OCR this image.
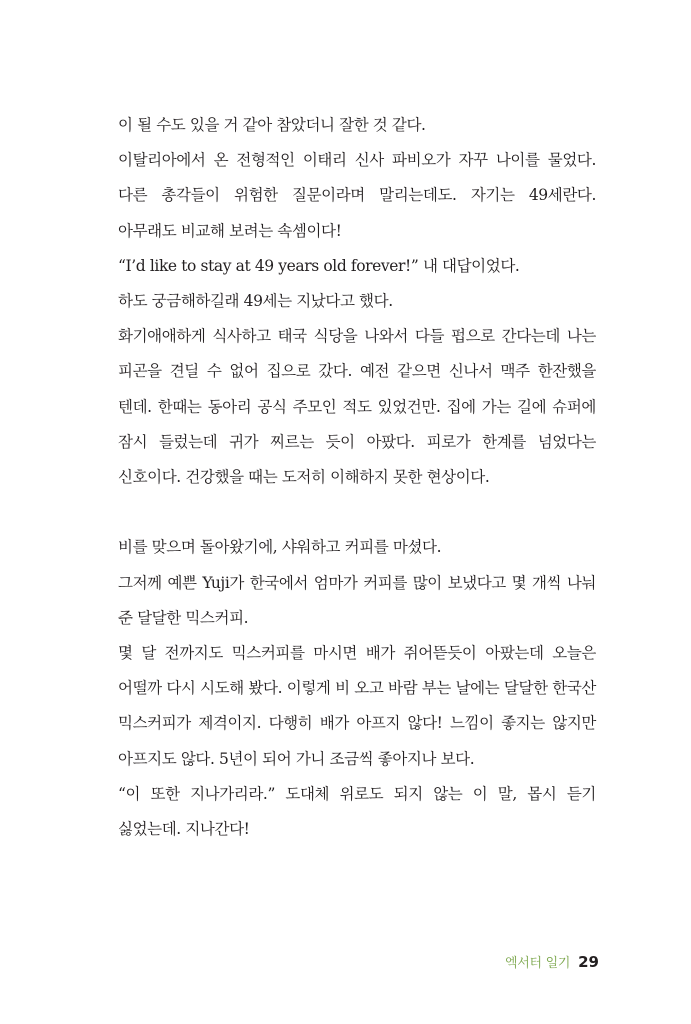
이 될 수도 있을 거 같아 참았더니 잘한 것 같다.

이탈리아에서 온 전형적인 이태리 신사 파비오가 자꾸 나이를 물었다. 다른 총각들이 위험한 질문이라며 말리는데도. 자기는 49세란다. 아무래도 비교해 보려는 속셈이다!

“I’d like to stay at 49 years old forever!” 내 대답이었다.

하도 궁금해하길래 49세는 지났다고 했다.

화기애애하게 식사하고 태국 식당을 나와서 다들 펍으로 간다는데 나는 피곤을 견딜 수 없어 집으로 갔다. 예전 같으면 신나서 맥주 한잔했을 텐데. 한때는 동아리 공식 주모인 적도 있었건만. 집에 가는 길에 슈퍼에 잠시 들렀는데 귀가 찌르는 듯이 아팠다. 피로가 한계를 넘었다는 신호이다. 건강했을 때는 도저히 이해하지 못한 현상이다.

비를 맞으며 돌아왔기에, 샤워하고 커피를 마셨다.

그저께 예쁜 Yuji가 한국에서 엄마가 커피를 많이 보냈다고 몇 개씩 나눠 준 달달한 믹스커피.

몇 달 전까지도 믹스커피를 마시면 배가 쥐어뜯듯이 아팠는데 오늘은 어떨까 다시 시도해 봤다. 이렇게 비 오고 바람 부는 날에는 달달한 한국산 믹스커피가 제격이지. 다행히 배가 아프지 않다! 느낌이 좋지는 않지만 아프지도 않다. 5년이 되어 가니 조금씩 좋아지나 보다.

“이 또한 지나가리라.” 도대체 위로도 되지 않는 이 말, 몹시 듣기 싫었는데. 지나간다!

엑서터 일기 29
